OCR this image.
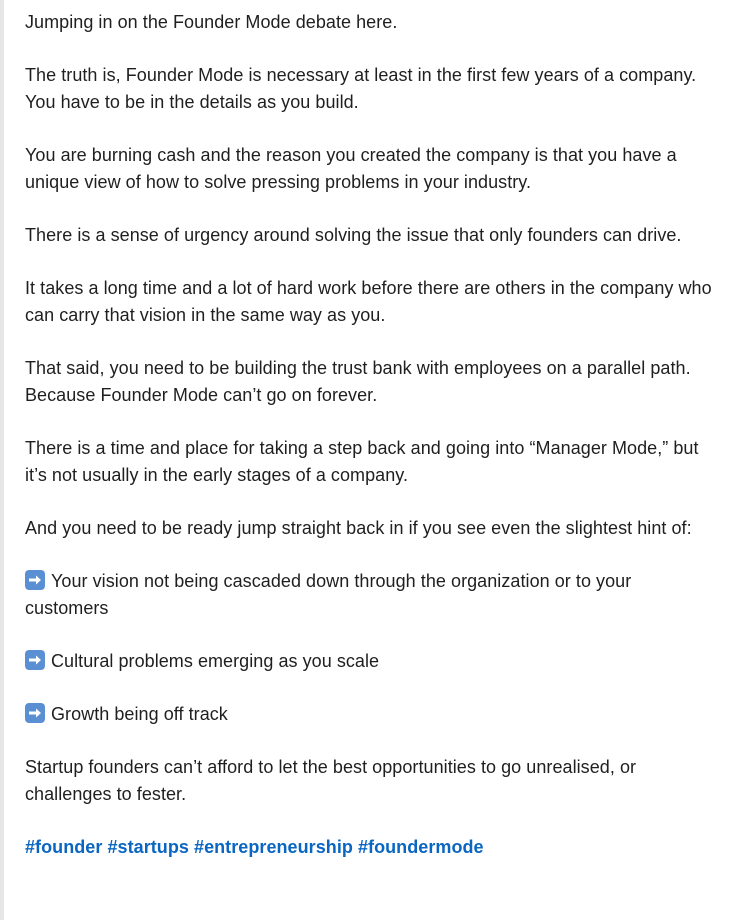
Jumping in on the Founder Mode debate here.

The truth is, Founder Mode is necessary at least in the first few years of a company. You have to be in the details as you build.

You are burning cash and the reason you created the company is that you have a unique view of how to solve pressing problems in your industry.

There is a sense of urgency around solving the issue that only founders can drive.

It takes a long time and a lot of hard work before there are others in the company who can carry that vision in the same way as you.

That said, you need to be building the trust bank with employees on a parallel path. Because Founder Mode can’t go on forever.

There is a time and place for taking a step back and going into “Manager Mode,” but it’s not usually in the early stages of a company.

And you need to be ready jump straight back in if you see even the slightest hint of:

Your vision not being cascaded down through the organization or to your customers
Cultural problems emerging as you scale
Growth being off track

Startup founders can’t afford to let the best opportunities to go unrealised, or challenges to fester.

#founder #startups #entrepreneurship #foundermode
